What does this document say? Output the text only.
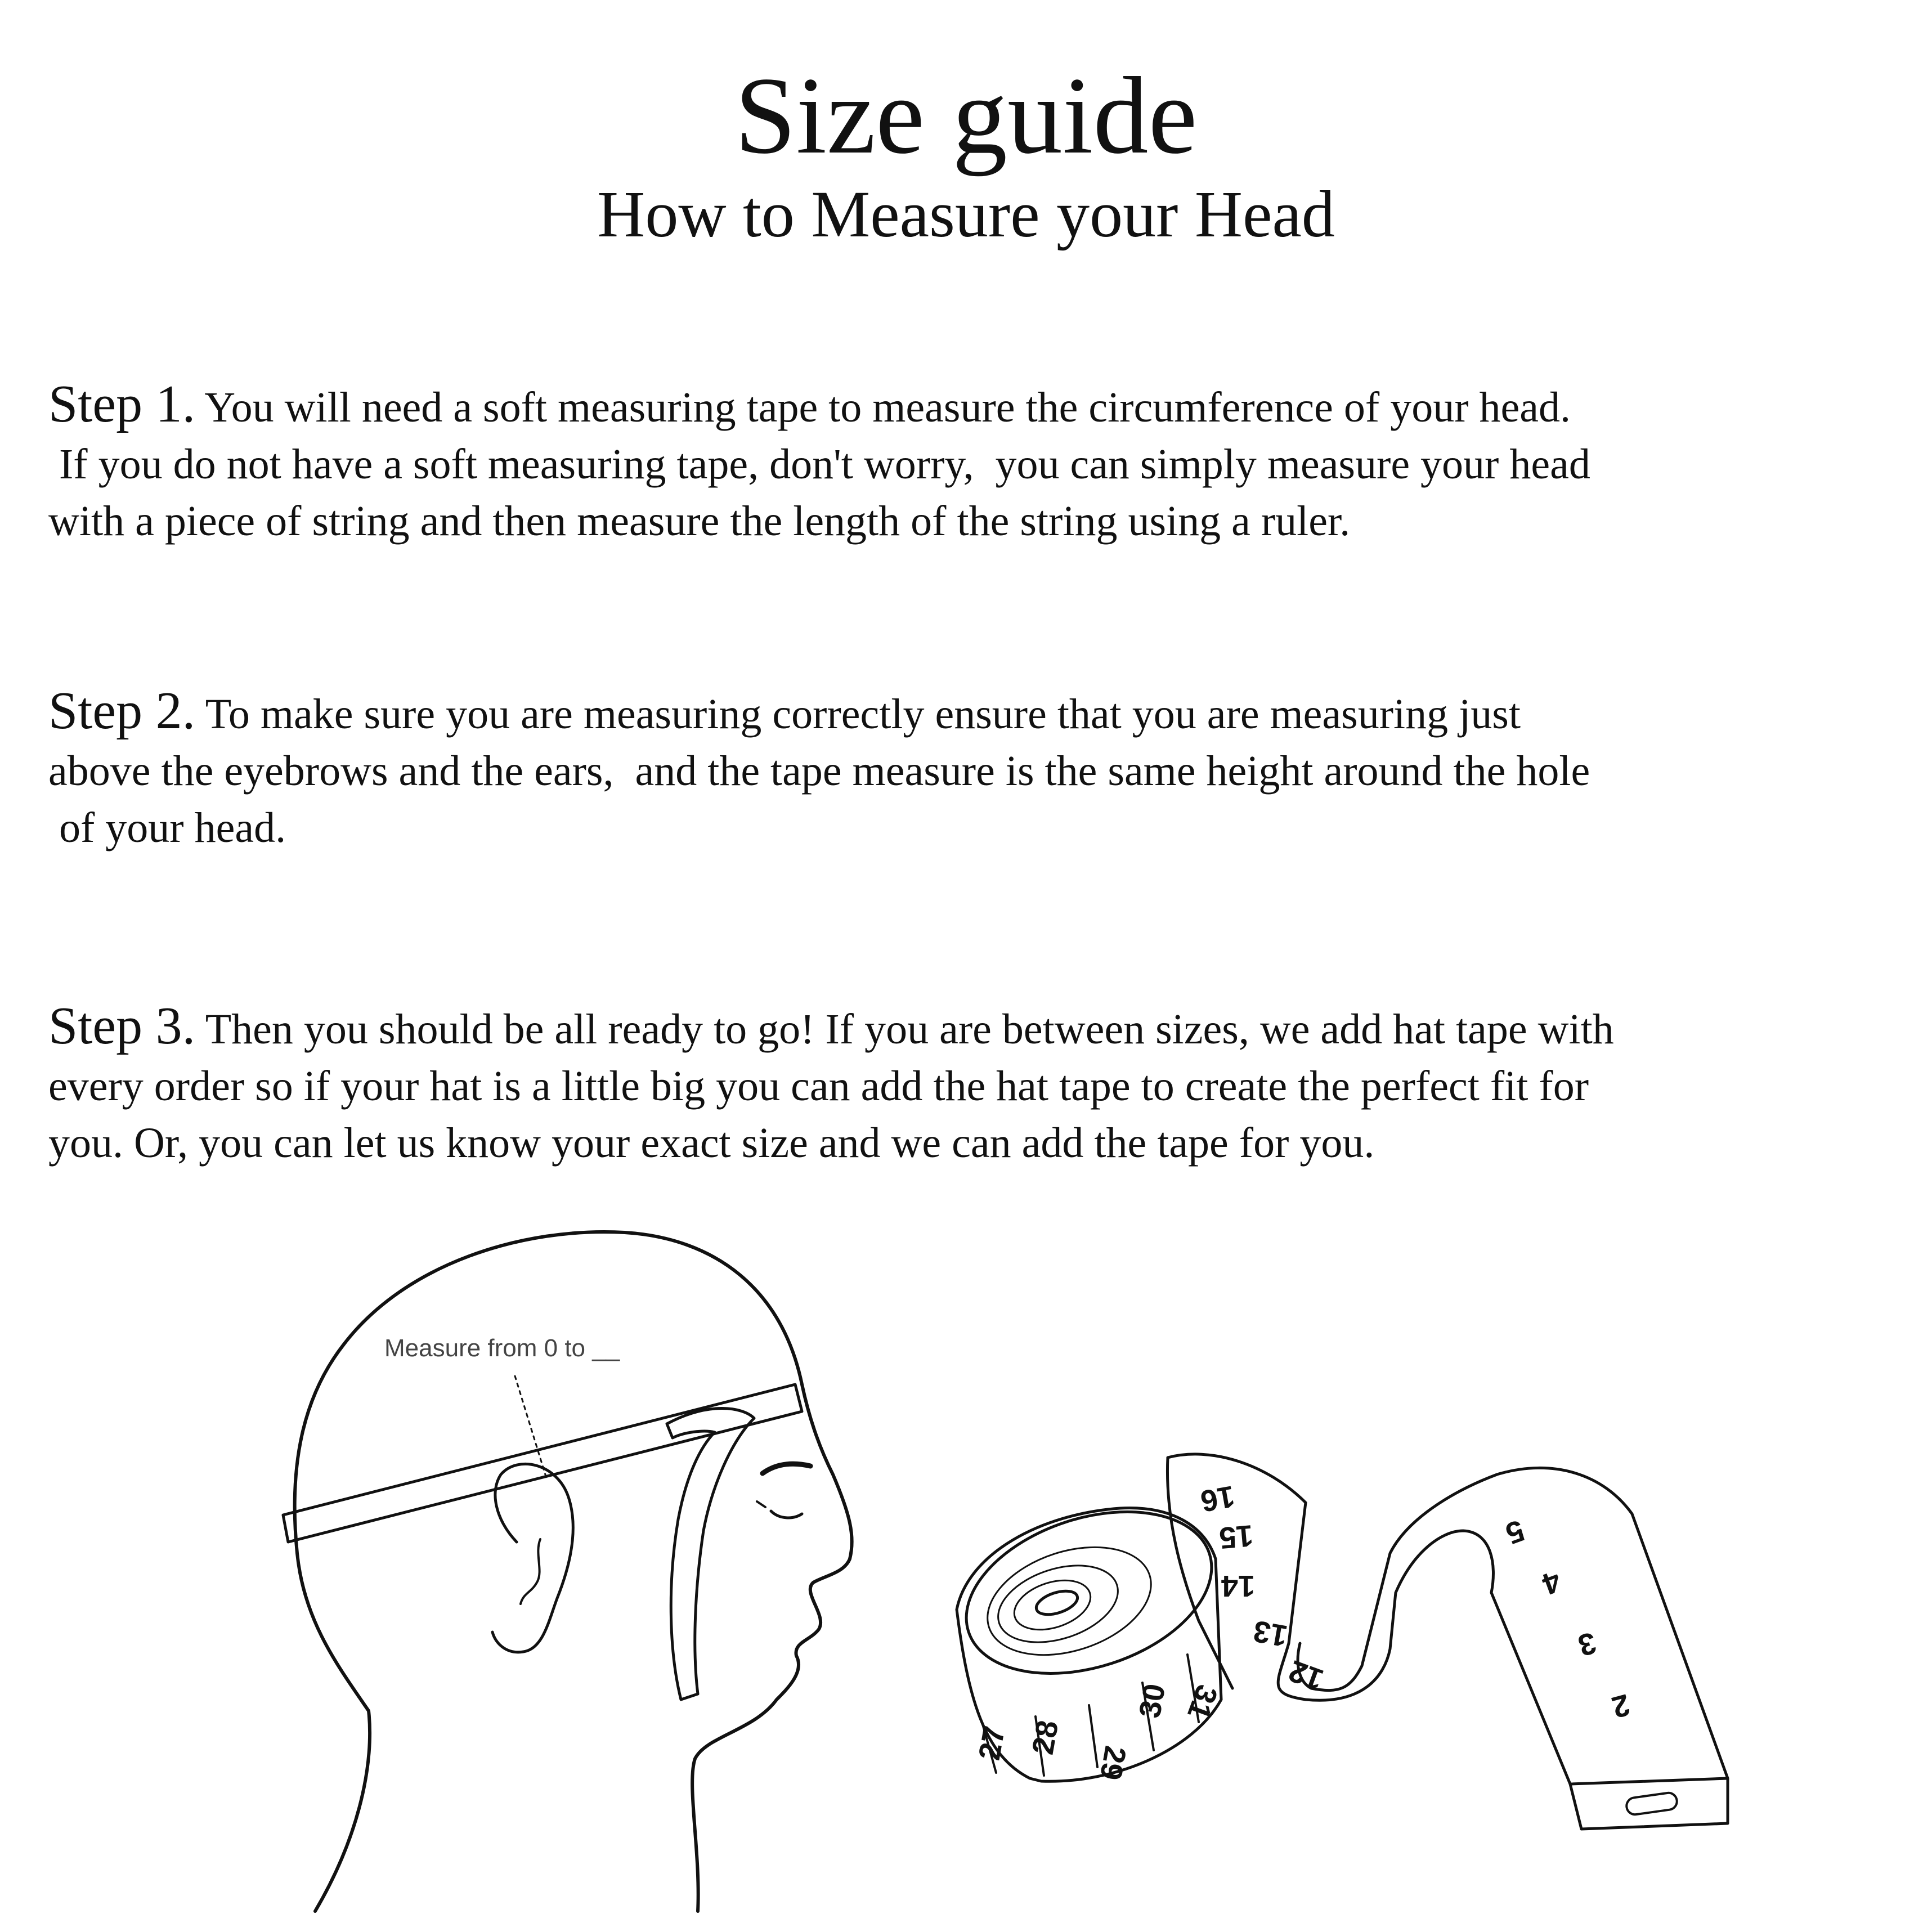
Size guide
How to Measure your Head

Step 1. You will need a soft measuring tape to measure the circumference of your head.
If you do not have a soft measuring tape, don't worry,  you can simply measure your head
with a piece of string and then measure the length of the string using a ruler.

Step 2. To make sure you are measuring correctly ensure that you are measuring just
above the eyebrows and the ears,  and the tape measure is the same height around the hole
of your head.

Step 3. Then you should be all ready to go! If you are between sizes, we add hat tape with
every order so if your hat is a little big you can add the hat tape to create the perfect fit for
you. Or, you can let us know your exact size and we can add the tape for you.

Measure from 0 to __
27 28
29
30 31
16
15
14
13
12
5
4
3
2
